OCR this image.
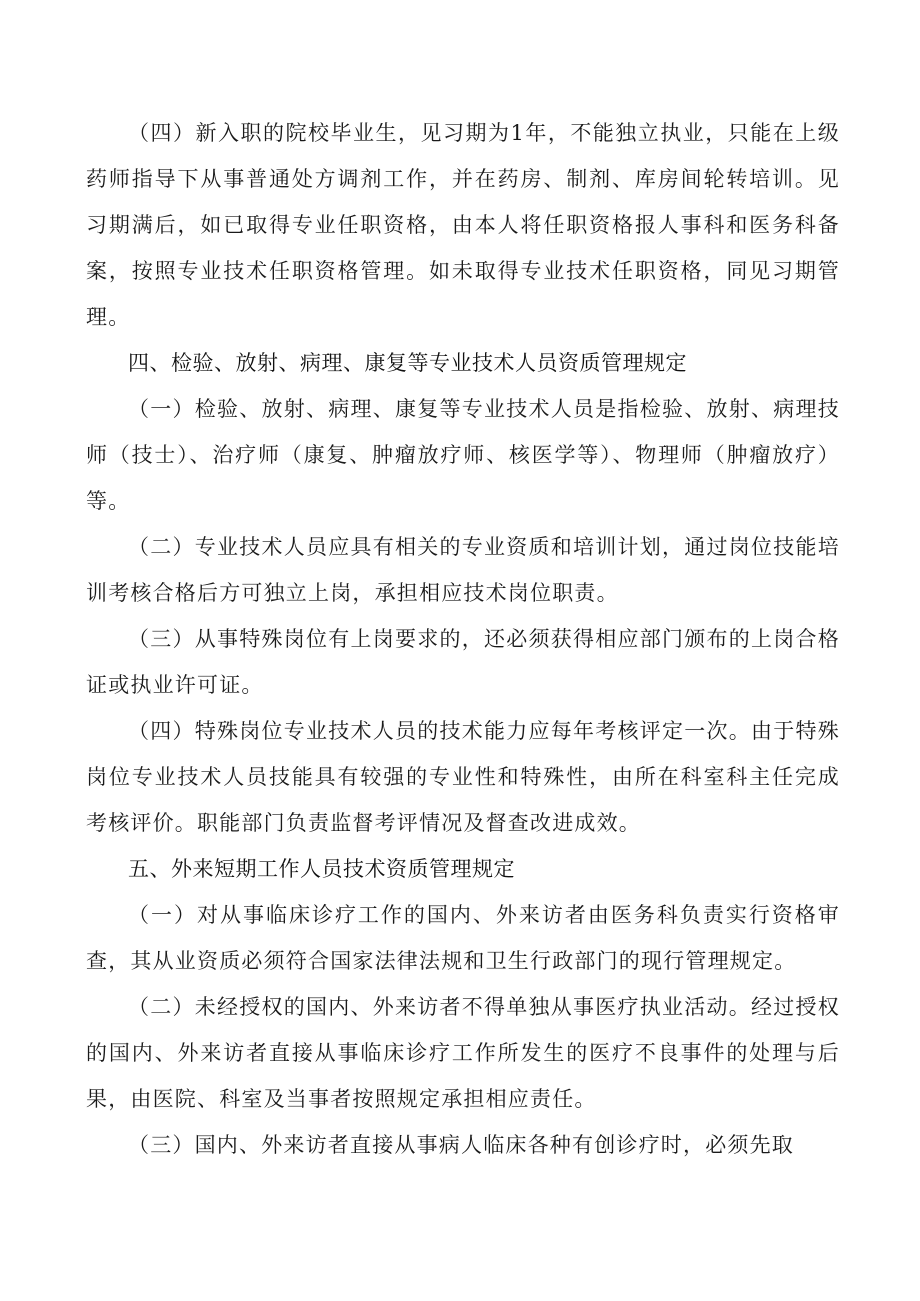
（四）新入职的院校毕业生，见习期为1年，不能独立执业，只能在上级药师指导下从事普通处方调剂工作，并在药房、制剂、库房间轮转培训。见习期满后，如已取得专业任职资格，由本人将任职资格报人事科和医务科备案，按照专业技术任职资格管理。如未取得专业技术任职资格，同见习期管理。

四、检验、放射、病理、康复等专业技术人员资质管理规定

（一）检验、放射、病理、康复等专业技术人员是指检验、放射、病理技师（技士）、治疗师（康复、肿瘤放疗师、核医学等）、物理师（肿瘤放疗）等。

（二）专业技术人员应具有相关的专业资质和培训计划，通过岗位技能培训考核合格后方可独立上岗，承担相应技术岗位职责。

（三）从事特殊岗位有上岗要求的，还必须获得相应部门颁布的上岗合格证或执业许可证。

（四）特殊岗位专业技术人员的技术能力应每年考核评定一次。由于特殊岗位专业技术人员技能具有较强的专业性和特殊性，由所在科室科主任完成考核评价。职能部门负责监督考评情况及督查改进成效。

五、外来短期工作人员技术资质管理规定

（一）对从事临床诊疗工作的国内、外来访者由医务科负责实行资格审查，其从业资质必须符合国家法律法规和卫生行政部门的现行管理规定。

（二）未经授权的国内、外来访者不得单独从事医疗执业活动。经过授权的国内、外来访者直接从事临床诊疗工作所发生的医疗不良事件的处理与后果，由医院、科室及当事者按照规定承担相应责任。

（三）国内、外来访者直接从事病人临床各种有创诊疗时，必须先取
